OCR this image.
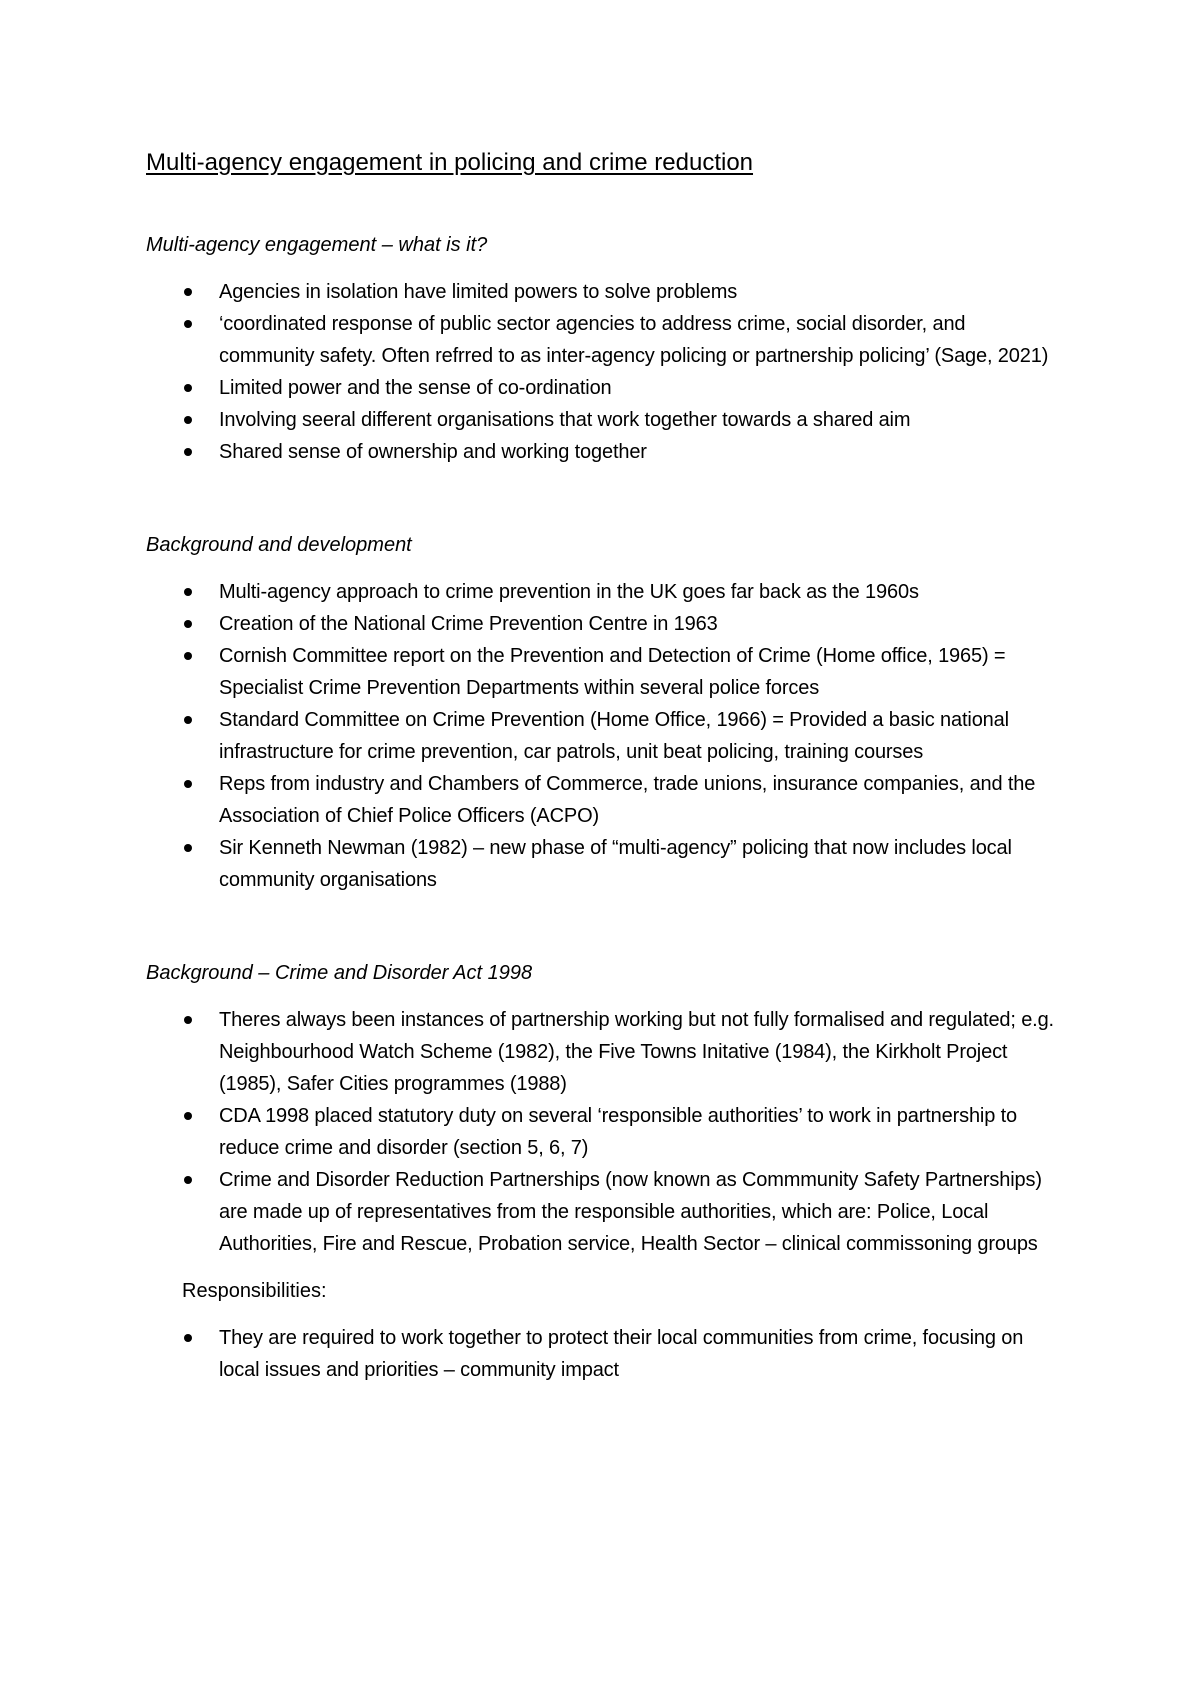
Multi-agency engagement in policing and crime reduction
Multi-agency engagement – what is it?
Agencies in isolation have limited powers to solve problems
‘coordinated response of public sector agencies to address crime, social disorder, and community safety. Often refrred to as inter-agency policing or partnership policing’ (Sage, 2021)
Limited power and the sense of co-ordination
Involving seeral different organisations that work together towards a shared aim
Shared sense of ownership and working together
Background and development
Multi-agency approach to crime prevention in the UK goes far back as the 1960s
Creation of the National Crime Prevention Centre in 1963
Cornish Committee report on the Prevention and Detection of Crime (Home office, 1965) = Specialist Crime Prevention Departments within several police forces
Standard Committee on Crime Prevention (Home Office, 1966) = Provided a basic national infrastructure for crime prevention, car patrols, unit beat policing, training courses
Reps from industry and Chambers of Commerce, trade unions, insurance companies, and the Association of Chief Police Officers (ACPO)
Sir Kenneth Newman (1982) – new phase of “multi-agency” policing that now includes local community organisations
Background – Crime and Disorder Act 1998
Theres always been instances of partnership working but not fully formalised and regulated; e.g. Neighbourhood Watch Scheme (1982), the Five Towns Initative (1984), the Kirkholt Project (1985), Safer Cities programmes (1988)
CDA 1998 placed statutory duty on several ‘responsible authorities’ to work in partnership to reduce crime and disorder (section 5, 6, 7)
Crime and Disorder Reduction Partnerships (now known as Commmunity Safety Partnerships) are made up of representatives from the responsible authorities, which are: Police, Local Authorities, Fire and Rescue, Probation service, Health Sector – clinical commissoning groups
Responsibilities:
They are required to work together to protect their local communities from crime, focusing on local issues and priorities – community impact
